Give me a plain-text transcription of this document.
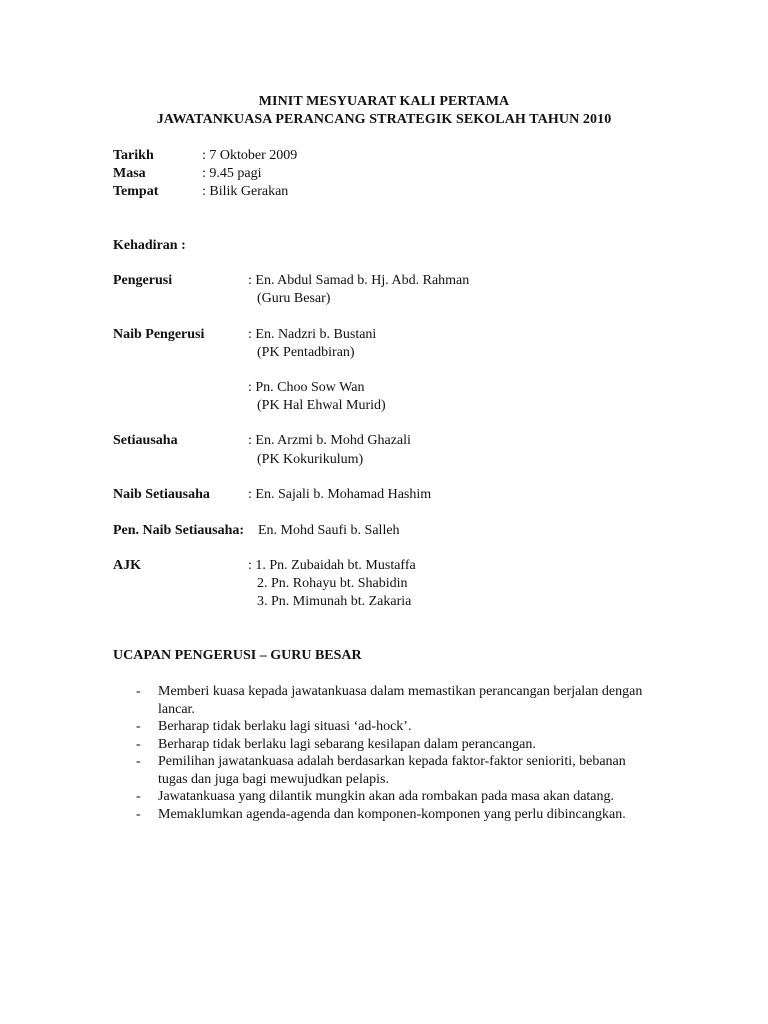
MINIT MESYUARAT KALI PERTAMA
JAWATANKUASA PERANCANG STRATEGIK SEKOLAH TAHUN 2010
Tarikh	: 7 Oktober 2009
Masa	: 9.45 pagi
Tempat	: Bilik Gerakan
Kehadiran :
Pengerusi	: En. Abdul Samad b. Hj. Abd. Rahman
(Guru Besar)
Naib Pengerusi	: En. Nadzri b. Bustani
(PK Pentadbiran)
: Pn. Choo Sow Wan
(PK Hal Ehwal Murid)
Setiausaha	: En. Arzmi b. Mohd Ghazali
(PK Kokurikulum)
Naib Setiausaha	: En. Sajali b. Mohamad Hashim
Pen. Naib Setiausaha: En. Mohd Saufi b. Salleh
AJK	: 1. Pn. Zubaidah bt. Mustaffa
2. Pn. Rohayu bt. Shabidin
3. Pn. Mimunah bt. Zakaria
UCAPAN PENGERUSI – GURU BESAR
- Memberi kuasa kepada jawatankuasa dalam memastikan perancangan berjalan dengan lancar.
- Berharap tidak berlaku lagi situasi ‘ad-hock’.
- Berharap tidak berlaku lagi sebarang kesilapan dalam perancangan.
- Pemilihan jawatankuasa adalah berdasarkan kepada faktor-faktor senioriti, bebanan tugas dan juga bagi mewujudkan pelapis.
- Jawatankuasa yang dilantik mungkin akan ada rombakan pada masa akan datang.
- Memaklumkan agenda-agenda dan komponen-komponen yang perlu dibincangkan.
